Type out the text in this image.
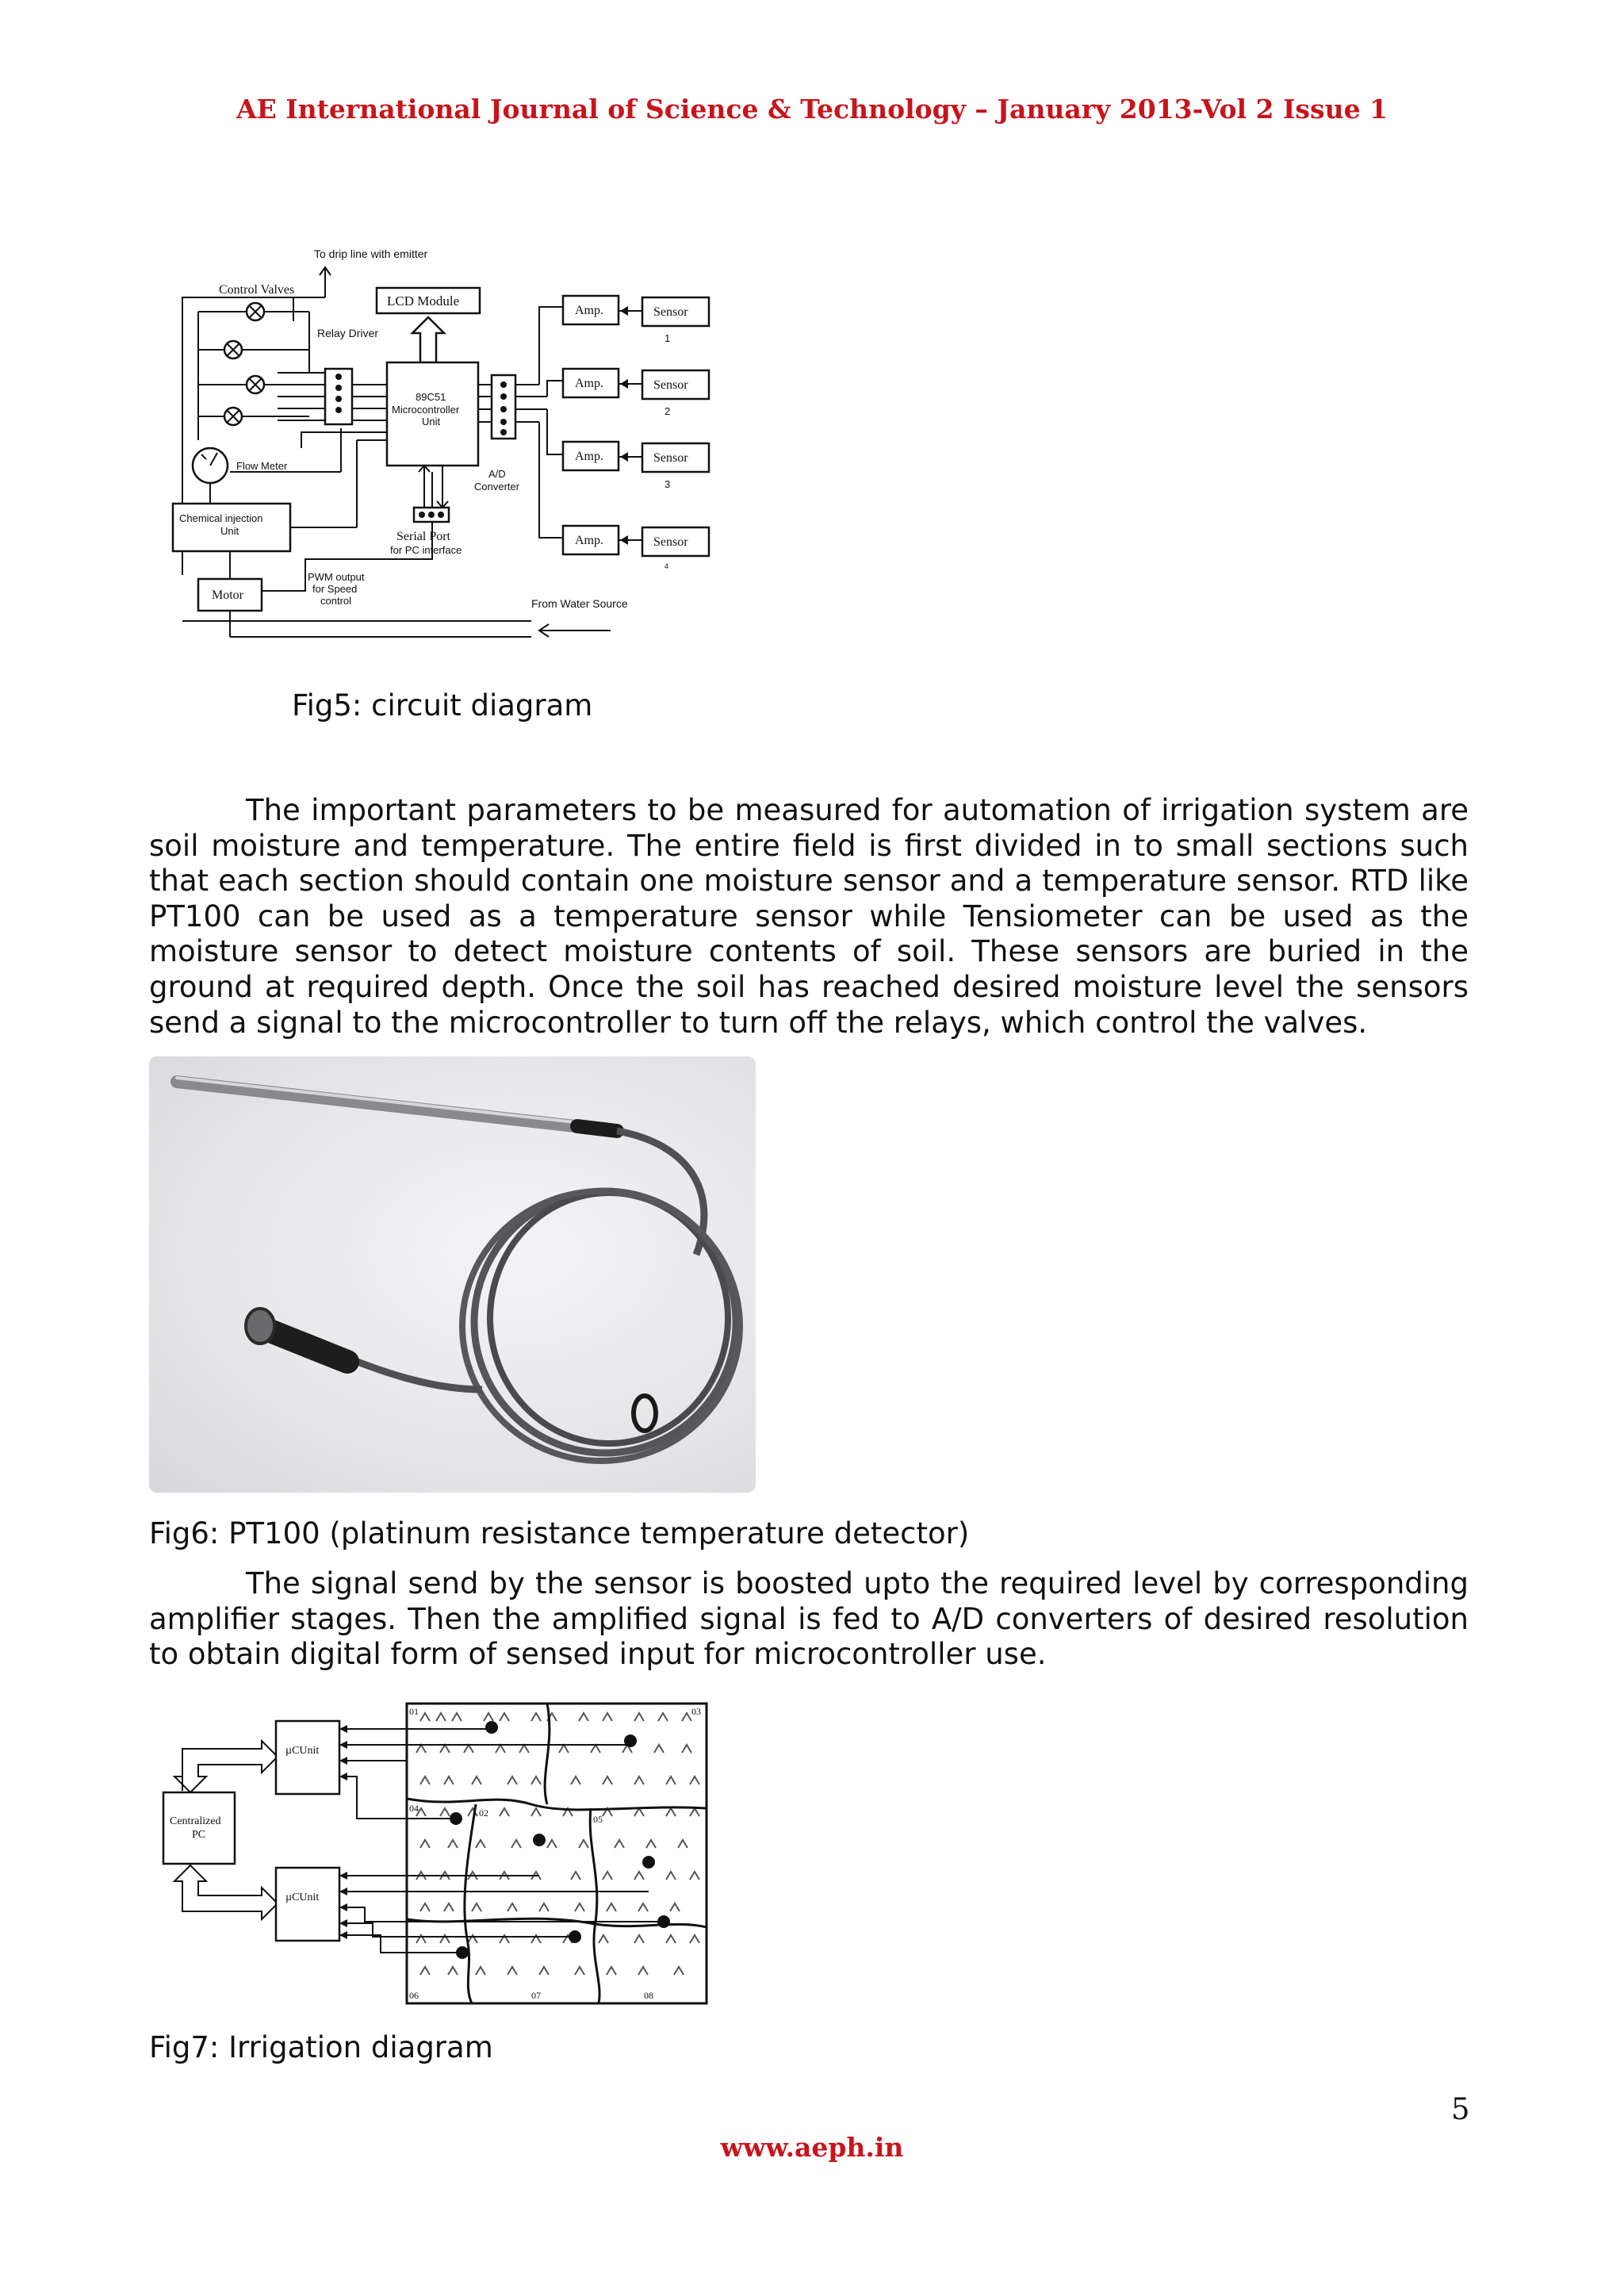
AE International Journal of Science & Technology – January 2013-Vol 2 Issue 1
To drip line with emitter
Control Valves
Relay Driver
LCD Module
89C51
Microcontroller
Unit
Flow Meter
Chemical injection
Unit
Motor
PWM output
for Speed
control
Serial Port
for PC interface
A/D
Converter
Amp.
Amp.
Amp.
Amp.
Sensor
1
Sensor
2
Sensor
3
Sensor
4
From Water Source
Fig5: circuit diagram
The important parameters to be measured for automation of irrigation system are soil moisture and temperature. The entire field is first divided in to small sections such that each section should contain one moisture sensor and a temperature sensor. RTD like PT100 can be used as a temperature sensor while Tensiometer can be used as the moisture sensor to detect moisture contents of soil. These sensors are buried in the ground at required depth. Once the soil has reached desired moisture level the sensors send a signal to the microcontroller to turn off the relays, which control the valves.
Fig6: PT100 (platinum resistance temperature detector)
The signal send by the sensor is boosted upto the required level by corresponding amplifier stages. Then the amplified signal is fed to A/D converters of desired resolution to obtain digital form of sensed input for microcontroller use.
Centralized
PC
µCUnit
µCUnit
01
02
03
04
05
06	07	08
Fig7: Irrigation diagram
5
www.aeph.in
